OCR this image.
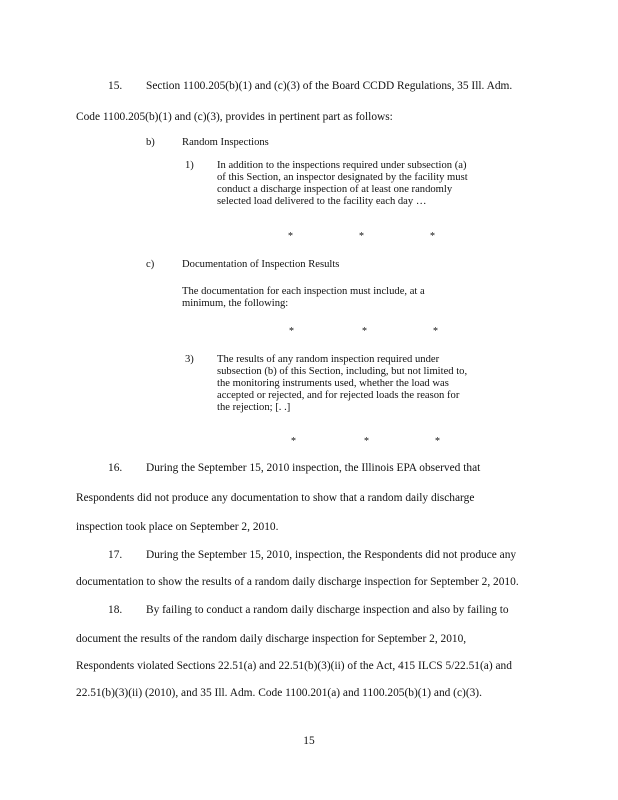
15. Section 1100.205(b)(1) and (c)(3) of the Board CCDD Regulations, 35 Ill. Adm.
Code 1100.205(b)(1) and (c)(3), provides in pertinent part as follows:
b)	Random Inspections
1) In addition to the inspections required under subsection (a)
of this Section, an inspector designated by the facility must
conduct a discharge inspection of at least one randomly
selected load delivered to the facility each day …
*	*	*
c)	Documentation of Inspection Results
The documentation for each inspection must include, at a
minimum, the following:
*	*	*
3) The results of any random inspection required under
subsection (b) of this Section, including, but not limited to,
the monitoring instruments used, whether the load was
accepted or rejected, and for rejected loads the reason for
the rejection; [. .]
*	*	*
16. During the September 15, 2010 inspection, the Illinois EPA observed that
Respondents did not produce any documentation to show that a random daily discharge
inspection took place on September 2, 2010.
17. During the September 15, 2010, inspection, the Respondents did not produce any
documentation to show the results of a random daily discharge inspection for September 2, 2010.
18. By failing to conduct a random daily discharge inspection and also by failing to
document the results of the random daily discharge inspection for September 2, 2010,
Respondents violated Sections 22.51(a) and 22.51(b)(3)(ii) of the Act, 415 ILCS 5/22.51(a) and
22.51(b)(3)(ii) (2010), and 35 Ill. Adm. Code 1100.201(a) and 1100.205(b)(1) and (c)(3).
15
